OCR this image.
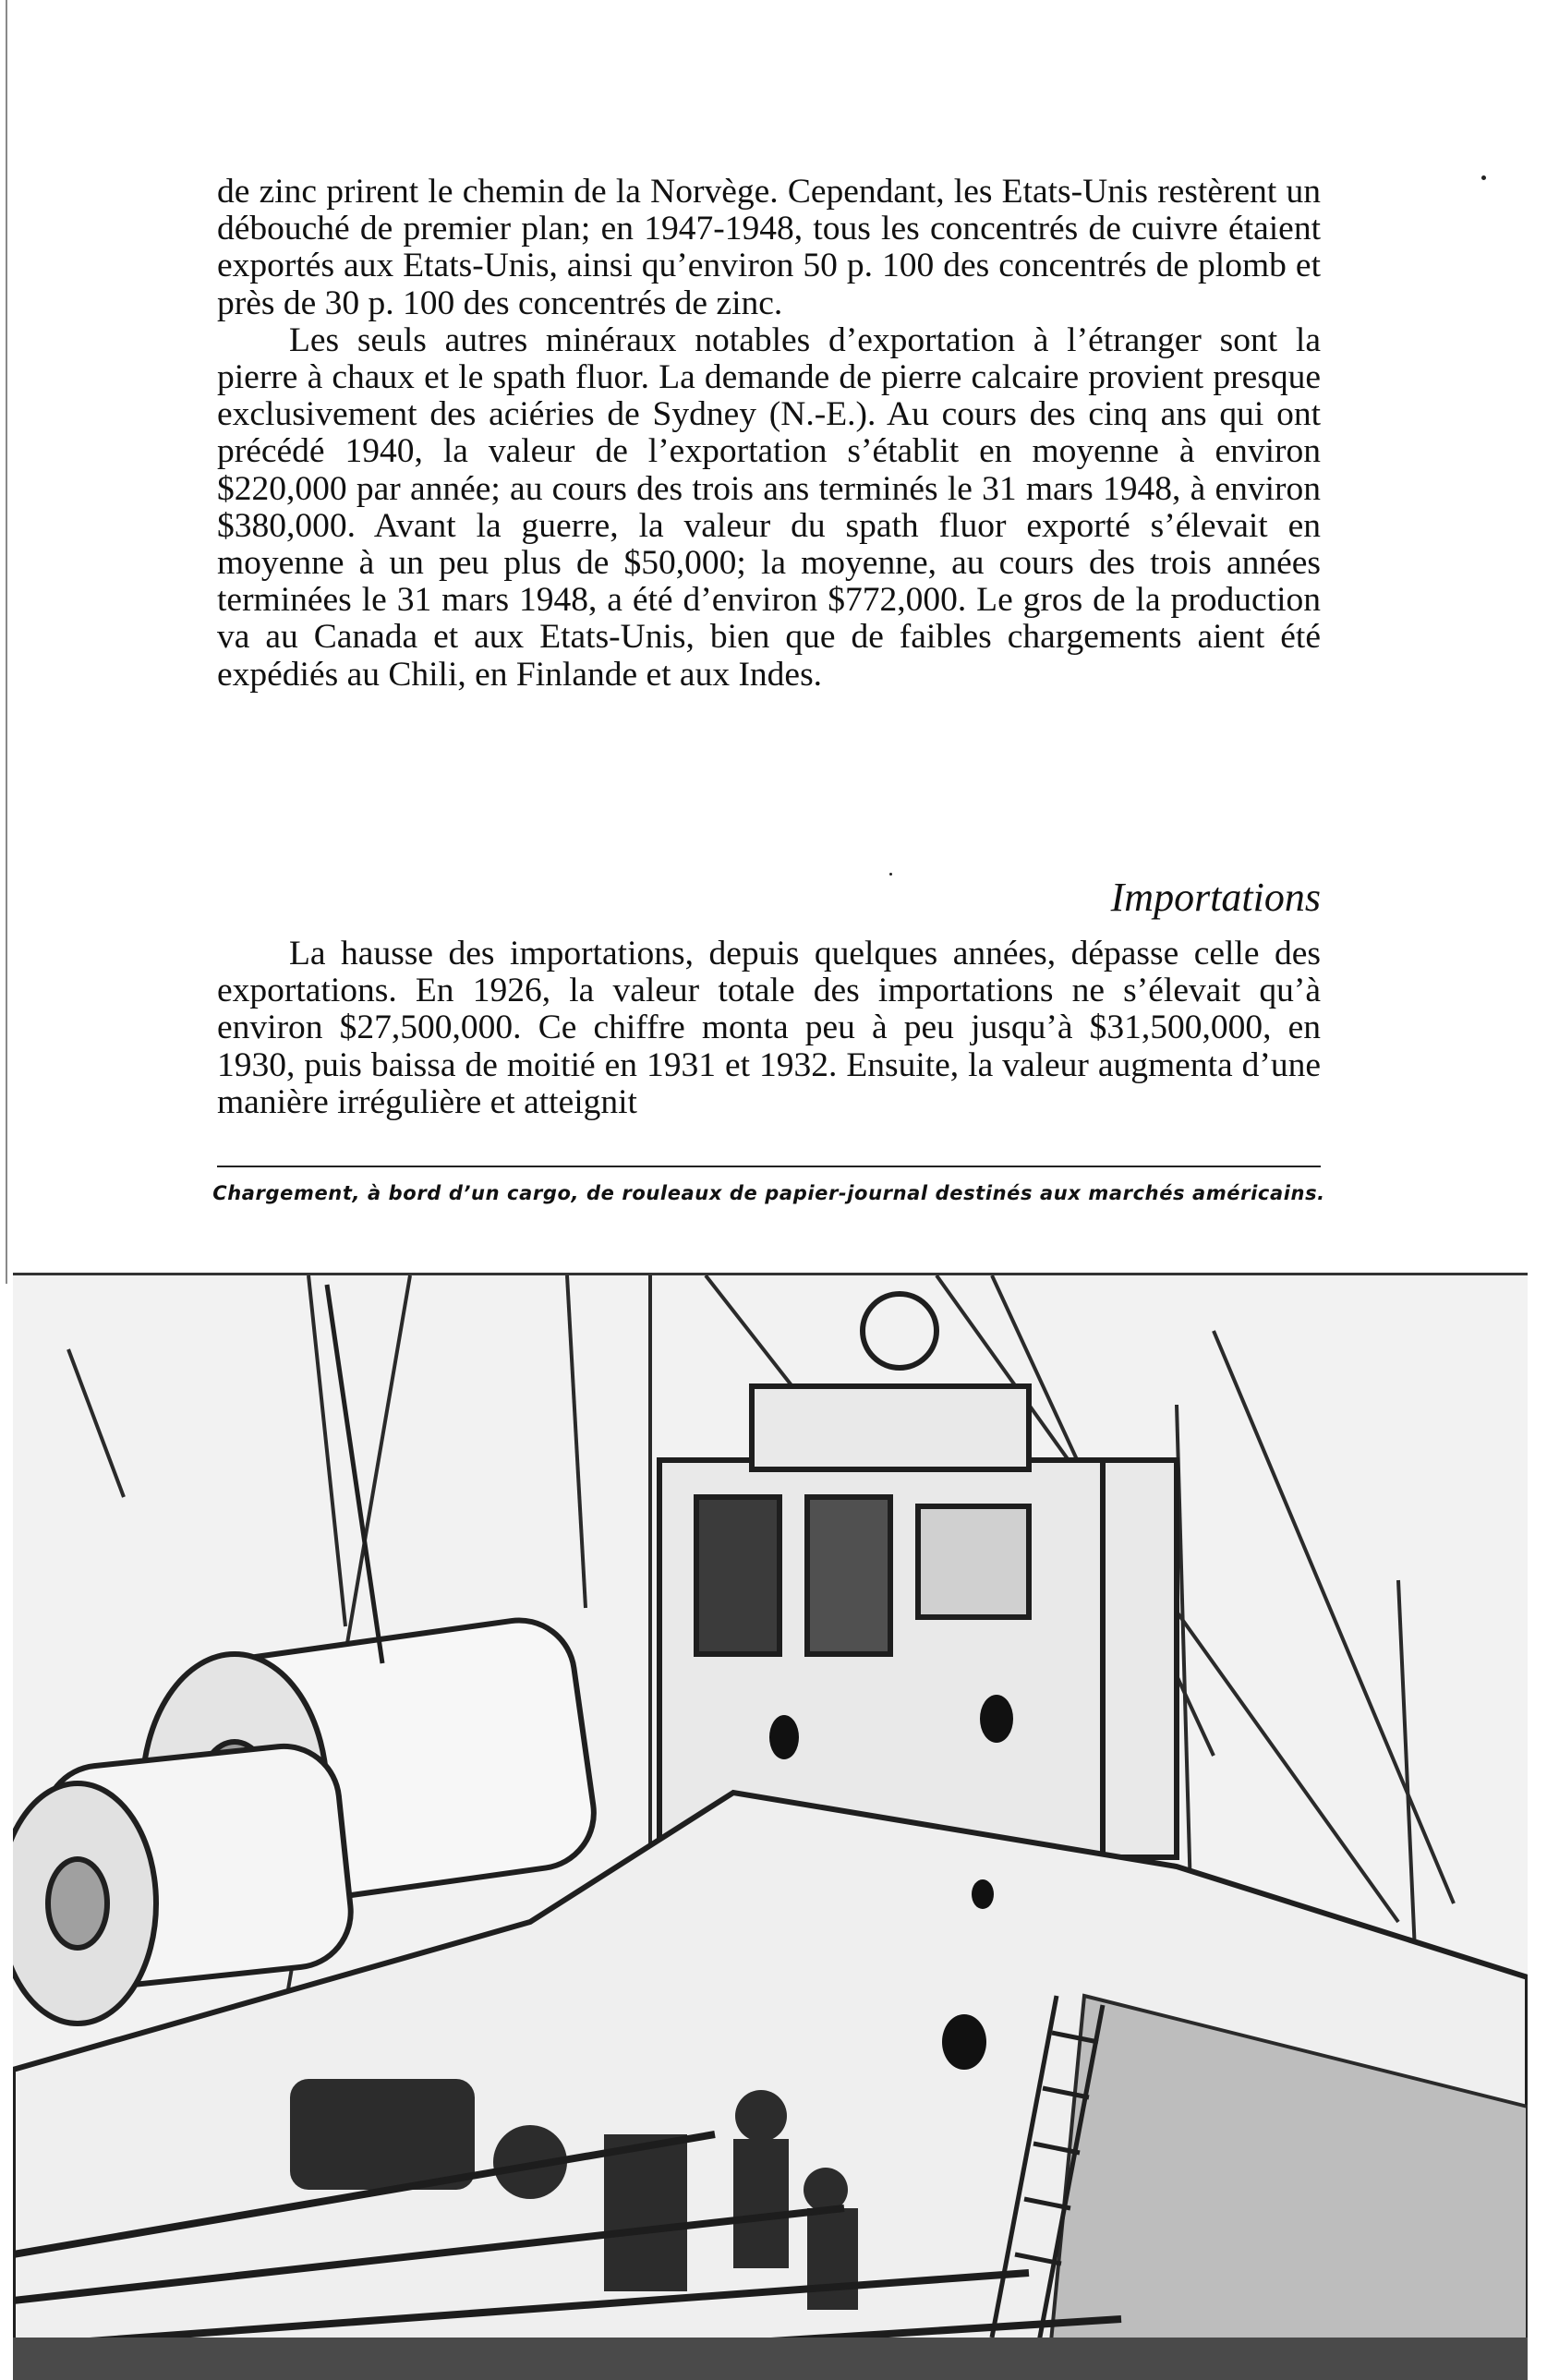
de zinc prirent le chemin de la Norvège. Cependant, les Etats-Unis restèrent un débouché de premier plan; en 1947-1948, tous les concentrés de cuivre étaient exportés aux Etats-Unis, ainsi qu’environ 50 p. 100 des concentrés de plomb et près de 30 p. 100 des concentrés de zinc.

Les seuls autres minéraux notables d’exportation à l’étranger sont la pierre à chaux et le spath fluor. La demande de pierre calcaire provient presque exclusivement des aciéries de Sydney (N.-E.). Au cours des cinq ans qui ont précédé 1940, la valeur de l’exportation s’établit en moyenne à environ $220,000 par année; au cours des trois ans terminés le 31 mars 1948, à environ $380,000. Avant la guerre, la valeur du spath fluor exporté s’élevait en moyenne à un peu plus de $50,000; la moyenne, au cours des trois années terminées le 31 mars 1948, a été d’environ $772,000. Le gros de la production va au Canada et aux Etats-Unis, bien que de faibles chargements aient été expédiés au Chili, en Finlande et aux Indes.

Importations

La hausse des importations, depuis quelques années, dépasse celle des exportations. En 1926, la valeur totale des importations ne s’élevait qu’à environ $27,500,000. Ce chiffre monta peu à peu jusqu’à $31,500,000, en 1930, puis baissa de moitié en 1931 et 1932. Ensuite, la valeur augmenta d’une manière irrégulière et atteignit

Chargement, à bord d’un cargo, de rouleaux de papier-journal destinés aux marchés américains.
